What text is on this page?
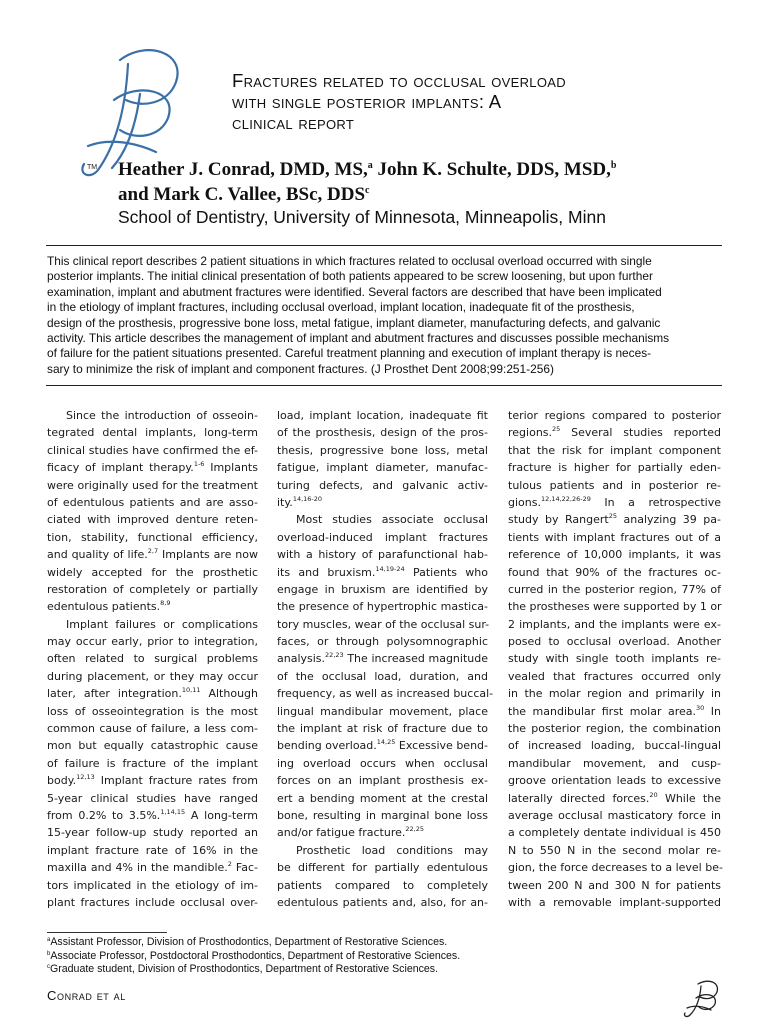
TM
Fractures related to occlusal overload
with single posterior implants: A
clinical report
Heather J. Conrad, DMD, MS,$^a$ John K. Schulte, DDS, MSD,$^b$
and Mark C. Vallee, BSc, DDS$^c$
School of Dentistry, University of Minnesota, Minneapolis, Minn
This clinical report describes 2 patient situations in which fractures related to occlusal overload occurred with single
posterior implants. The initial clinical presentation of both patients appeared to be screw loosening, but upon further
examination, implant and abutment fractures were identified. Several factors are described that have been implicated
in the etiology of implant fractures, including occlusal overload, implant location, inadequate fit of the prosthesis,
design of the prosthesis, progressive bone loss, metal fatigue, implant diameter, manufacturing defects, and galvanic
activity. This article describes the management of implant and abutment fractures and discusses possible mechanisms
of failure for the patient situations presented. Careful treatment planning and execution of implant therapy is neces-
sary to minimize the risk of implant and component fractures. (J Prosthet Dent 2008;99:251-256)
Since the introduction of osseoin-
tegrated dental implants, long-term
clinical studies have confirmed the ef-
ficacy of implant therapy.$^{1-6}$ Implants
were originally used for the treatment
of edentulous patients and are asso-
ciated with improved denture reten-
tion, stability, functional efficiency,
and quality of life.$^{2,7}$ Implants are now
widely accepted for the prosthetic
restoration of completely or partially
edentulous patients.$^{8,9}$
Implant failures or complications
may occur early, prior to integration,
often related to surgical problems
during placement, or they may occur
later, after integration.$^{10,11}$ Although
loss of osseointegration is the most
common cause of failure, a less com-
mon but equally catastrophic cause
of failure is fracture of the implant
body.$^{12,13}$ Implant fracture rates from
5-year clinical studies have ranged
from 0.2% to 3.5%.$^{1,14,15}$ A long-term
15-year follow-up study reported an
implant fracture rate of 16% in the
maxilla and 4% in the mandible.$^2$ Fac-
tors implicated in the etiology of im-
plant fractures include occlusal over-
load, implant location, inadequate fit
of the prosthesis, design of the pros-
thesis, progressive bone loss, metal
fatigue, implant diameter, manufac-
turing defects, and galvanic activ-
ity.$^{14,16-20}$
Most studies associate occlusal
overload-induced implant fractures
with a history of parafunctional hab-
its and bruxism.$^{14,19-24}$ Patients who
engage in bruxism are identified by
the presence of hypertrophic mastica-
tory muscles, wear of the occlusal sur-
faces, or through polysomnographic
analysis.$^{22,23}$ The increased magnitude
of the occlusal load, duration, and
frequency, as well as increased buccal-
lingual mandibular movement, place
the implant at risk of fracture due to
bending overload.$^{14,25}$ Excessive bend-
ing overload occurs when occlusal
forces on an implant prosthesis ex-
ert a bending moment at the crestal
bone, resulting in marginal bone loss
and/or fatigue fracture.$^{22,25}$
Prosthetic load conditions may
be different for partially edentulous
patients compared to completely
edentulous patients and, also, for an-
terior regions compared to posterior
regions.$^{25}$ Several studies reported
that the risk for implant component
fracture is higher for partially eden-
tulous patients and in posterior re-
gions.$^{12,14,22,26-29}$ In a retrospective
study by Rangert$^{25}$ analyzing 39 pa-
tients with implant fractures out of a
reference of 10,000 implants, it was
found that 90% of the fractures oc-
curred in the posterior region, 77% of
the prostheses were supported by 1 or
2 implants, and the implants were ex-
posed to occlusal overload. Another
study with single tooth implants re-
vealed that fractures occurred only
in the molar region and primarily in
the mandibular first molar area.$^{30}$ In
the posterior region, the combination
of increased loading, buccal-lingual
mandibular movement, and cusp-
groove orientation leads to excessive
laterally directed forces.$^{20}$ While the
average occlusal masticatory force in
a completely dentate individual is 450
N to 550 N in the second molar re-
gion, the force decreases to a level be-
tween 200 N and 300 N for patients
with a removable implant-supported
$^a$Assistant Professor, Division of Prosthodontics, Department of Restorative Sciences.
$^b$Associate Professor, Postdoctoral Prosthodontics, Department of Restorative Sciences.
$^c$Graduate student, Division of Prosthodontics, Department of Restorative Sciences.
Conrad et al
